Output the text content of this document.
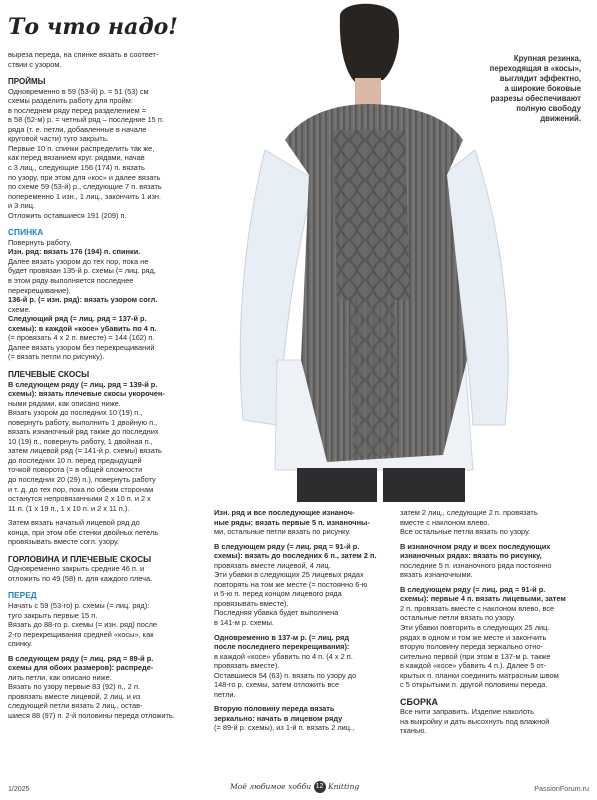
То что надо!
Крупная резинка,
переходящая в «косы»,
выглядит эффектно,
а широкие боковые
разрезы обеспечивают
полную свободу
движений.

выреза переда, на спинке вязать в соответ-

ствии с узором.

ПРОЙМЫ

Одновременно в 59 (53-й) р. = 51 (53) см

схемы разделить работу для пройм:

в последнем ряду перед разделением =

в 58 (52-м) р. = четный ряд – последние 15 п.

ряда (т. е. петли, добавленные в начале

круговой части) туго закрыть.

Первые 10 п. спинки распределить так же,

как перед вязанием круг. рядами, начав

с 3 лиц., следующие 156 (174) п. вязать

по узору, при этом для «кос» и далее вязать

по схеме 59 (53-й) р., следующие 7 п. вязать

попеременно 1 изн., 1 лиц., закончить 1 изн.

и 3 лиц.

Отложить оставшиеся 191 (209) п.

СПИНКА

Повернуть работу.

Изн. ряд: вязать 176 (194) п. спинки.

Далее вязать узором до тех пор, пока не

будет провязан 135-й р. схемы (= лиц. ряд,

в этом ряду выполняется последнее

перекрещивание).

136-й р. (= изн. ряд): вязать узором согл.

схеме.

Следующий ряд (= лиц. ряд = 137-й р.

схемы): в каждой «косе» убавить по 4 п.

(= провязать 4 х 2 п. вместе) = 144 (162) п.

Далее вязать узором без перекрещиваний

(= вязать петли по рисунку).

ПЛЕЧЕВЫЕ СКОСЫ

В следующем ряду (= лиц. ряд = 139-й р.

схемы): вязать плечевые скосы укорочен-

ными рядами, как описано ниже.

Вязать узором до последних 10 (19) п.,

повернуть работу, выполнить 1 двойную п.,

вязать изнаночный ряд также до последних

10 (19) п., повернуть работу, 1 двойная п.,

затем лицевой ряд (= 141-й р. схемы) вязать

до последних 10 п. перед предыдущей

точкой поворота (= в общей сложности

до последних 20 (29) п.), повернуть работу

и т. д. до тех пор, пока по обеим сторонам

останутся непровязанными 2 х 10 п. и 2 х

11 п. (1 х 19 п., 1 х 10 п. и 2 х 11 п.).

Затем вязать начатый лицевой ряд до

конца, при этом обе стенки двойных петель

провязывать вместе согл. узору.

ГОРЛОВИНА И ПЛЕЧЕВЫЕ СКОСЫ

Одновременно закрыть средние 46 п. и

отложить по 49 (58) п. для каждого плеча.

ПЕРЕД

Начать с 59 (53-го) р. схемы (= лиц. ряд):

туго закрыть первые 15 п.

Вязать до 88-го р. схемы (= изн. ряд) после

2-го перекрещивания средней «косы», как

спинку.

В следующем ряду (= лиц. ряд = 89-й р.

схемы для обоих размеров): распреде-

лить петли, как описано ниже.

Вязать по узору первые 83 (92) п., 2 п.

провязать вместе лицевой, 2 лиц. и из

следующей петли вязать 2 лиц., остав-

шиеся 88 (97) п. 2-й половины переда отложить.

Изн. ряд и все последующие изнаноч-

ные ряды: вязать первые 5 п. изнаночны-

ми, остальные петли вязать по рисунку.

В следующем ряду (= лиц. ряд = 91-й р.

схемы): вязать до последних 6 п., затем 2 п.

провязать вместе лицевой, 4 лиц.

Эти убавки в следующих 25 лицевых рядах

повторять на том же месте (= постоянно 6-ю

и 5-ю п. перед концом лицевого ряда

провязывать вместе).

Последняя убавка будет выполнена

в 141-м р. схемы.

Одновременно в 137-м р. (= лиц. ряд

после последнего перекрещивания):

в каждой «косе» убавить по 4 п. (4 х 2 п.

провязать вместе).

Оставшиеся 54 (63) п. вязать по узору до

148-го р. схемы, затем отложить все

петли.

Вторую половину переда вязать

зеркально: начать в лицевом ряду

(= 89-й р. схемы), из 1-й п. вязать 2 лиц.,

затем 2 лиц., следующие 2 п. провязать

вместе с наклоном влево.

Все остальные петли вязать по узору.

В изнаночном ряду и всех последующих

изнаночных рядах: вязать по рисунку,

последние 5 п. изнаночного ряда постоянно

вязать изнаночными.

В следующем ряду (= лиц. ряд = 91-й р.

схемы): первые 4 п. вязать лицевыми, затем

2 п. провязать вместе с наклоном влево, все

остальные петли вязать по узору.

Эти убавки повторить в следующих 25 лиц.

рядах в одном и том же месте и закончить

вторую половину переда зеркально отно-

сительно первой (при этом в 137-м р. также

в каждой «косе» убавить 4 п.). Далее 5 от-

крытых п. планки соединить матрасным швом

с 5 открытыми п. другой половины переда.

СБОРКА

Все нити заправить. Изделие наколоть

на выкройку и дать высохнуть под влажной

тканью.

1/2025	Моё любимое хобби 12 Knitting	PassionForum.ru
